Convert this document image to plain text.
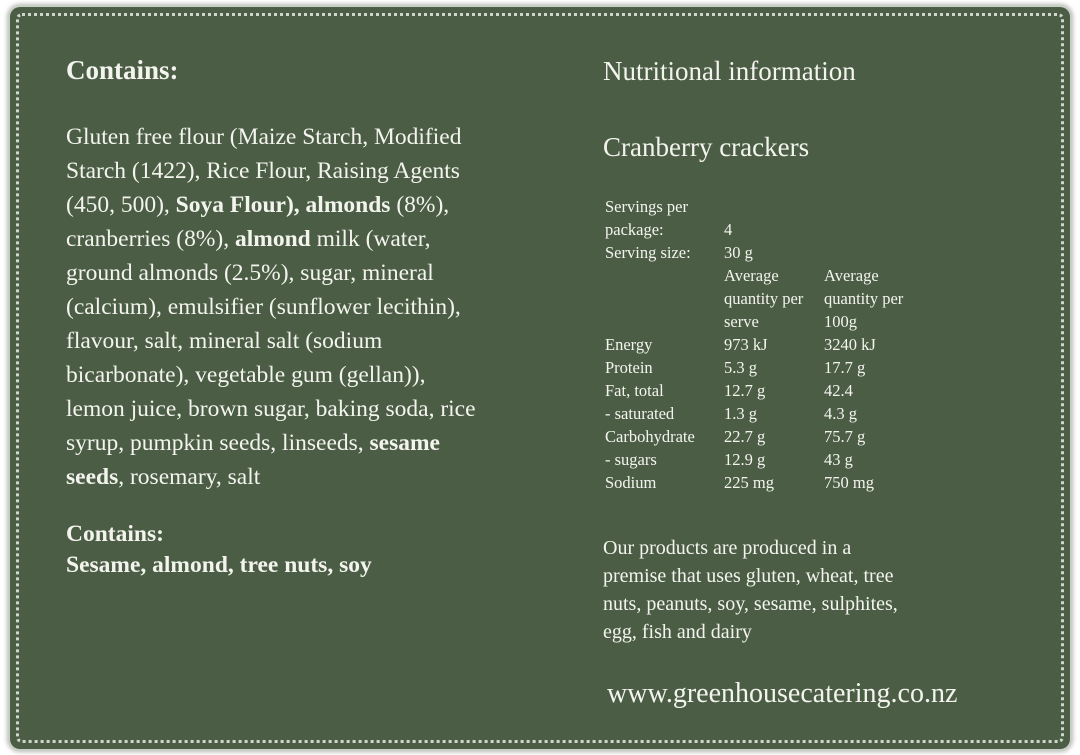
Contains:
Gluten free flour (Maize Starch, Modified Starch (1422), Rice Flour, Raising Agents (450, 500), Soya Flour), almonds (8%), cranberries (8%), almond milk (water, ground almonds (2.5%), sugar, mineral (calcium), emulsifier (sunflower lecithin), flavour, salt, mineral salt (sodium bicarbonate), vegetable gum (gellan)), lemon juice, brown sugar, baking soda, rice syrup, pumpkin seeds, linseeds, sesame seeds, rosemary, salt
Contains:
Sesame, almond, tree nuts, soy
Nutritional information
Cranberry crackers
Servings per package:	4	
Serving size:	30 g	
	Average quantity per serve	Average quantity per 100g
Energy	973 kJ	3240 kJ
Protein	5.3 g	17.7 g
Fat, total	12.7 g	42.4
- saturated	1.3 g	4.3 g
Carbohydrate	22.7 g	75.7 g
- sugars	12.9 g	43 g
Sodium	225 mg	750 mg
Our products are produced in a premise that uses gluten, wheat, tree nuts, peanuts, soy, sesame, sulphites, egg, fish and dairy
www.greenhousecatering.co.nz
